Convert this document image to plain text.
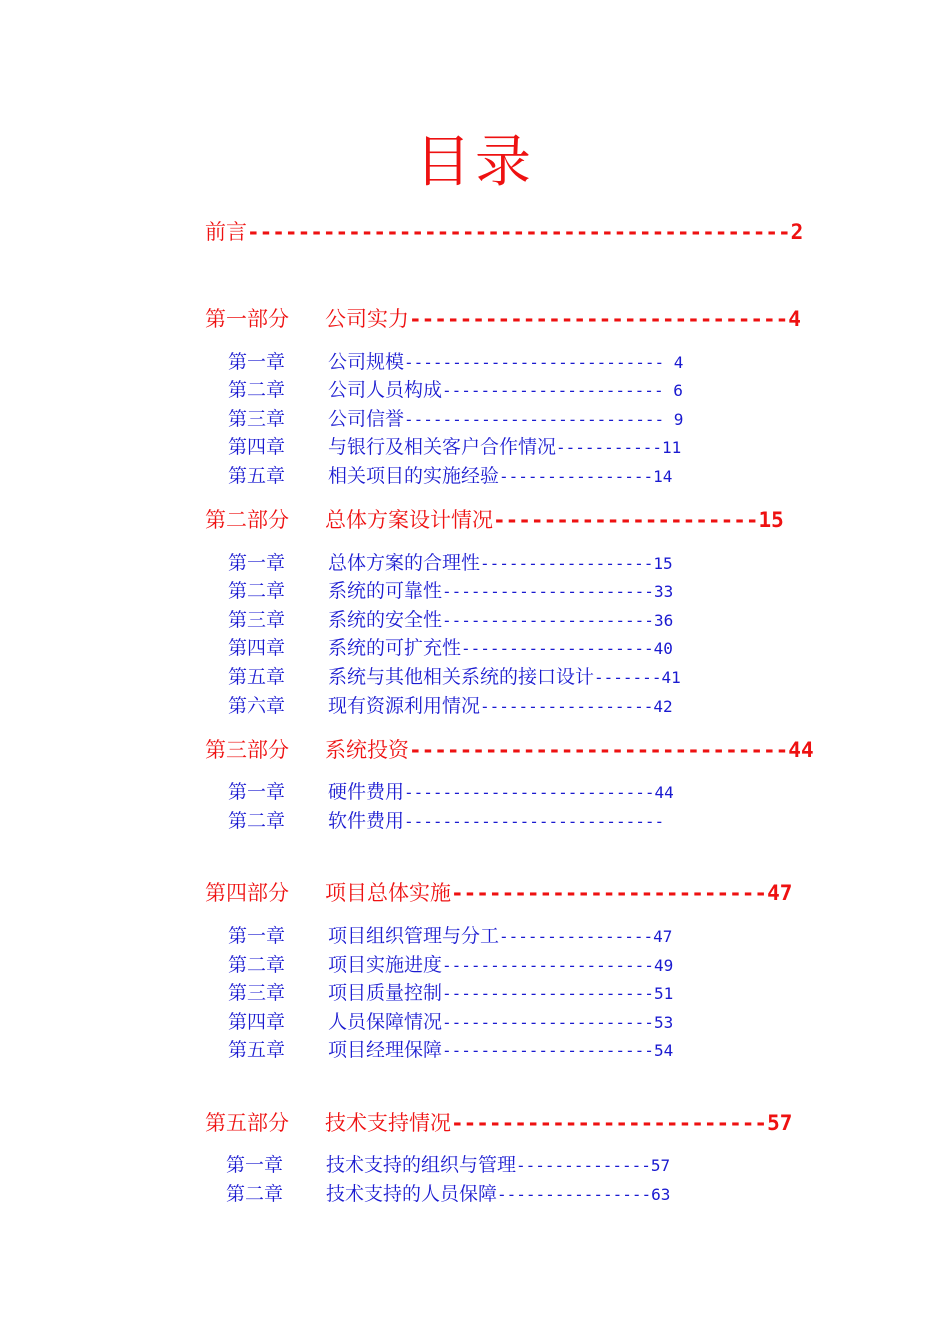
目录
前言-------------------------------------------2
第一部分 公司实力------------------------------4
第一章 公司规模--------------------------- 4
第二章 公司人员构成----------------------- 6
第三章 公司信誉--------------------------- 9
第四章 与银行及相关客户合作情况-----------11
第五章 相关项目的实施经验----------------14
第二部分 总体方案设计情况---------------------15
第一章 总体方案的合理性------------------15
第二章 系统的可靠性----------------------33
第三章 系统的安全性----------------------36
第四章 系统的可扩充性--------------------40
第五章 系统与其他相关系统的接口设计-------41
第六章 现有资源利用情况------------------42
第三部分 系统投资------------------------------44
第一章 硬件费用--------------------------44
第二章 软件费用---------------------------
第四部分 项目总体实施-------------------------47
第一章 项目组织管理与分工----------------47
第二章 项目实施进度----------------------49
第三章 项目质量控制----------------------51
第四章 人员保障情况----------------------53
第五章 项目经理保障----------------------54
第五部分 技术支持情况-------------------------57
第一章 技术支持的组织与管理--------------57
第二章 技术支持的人员保障----------------63
